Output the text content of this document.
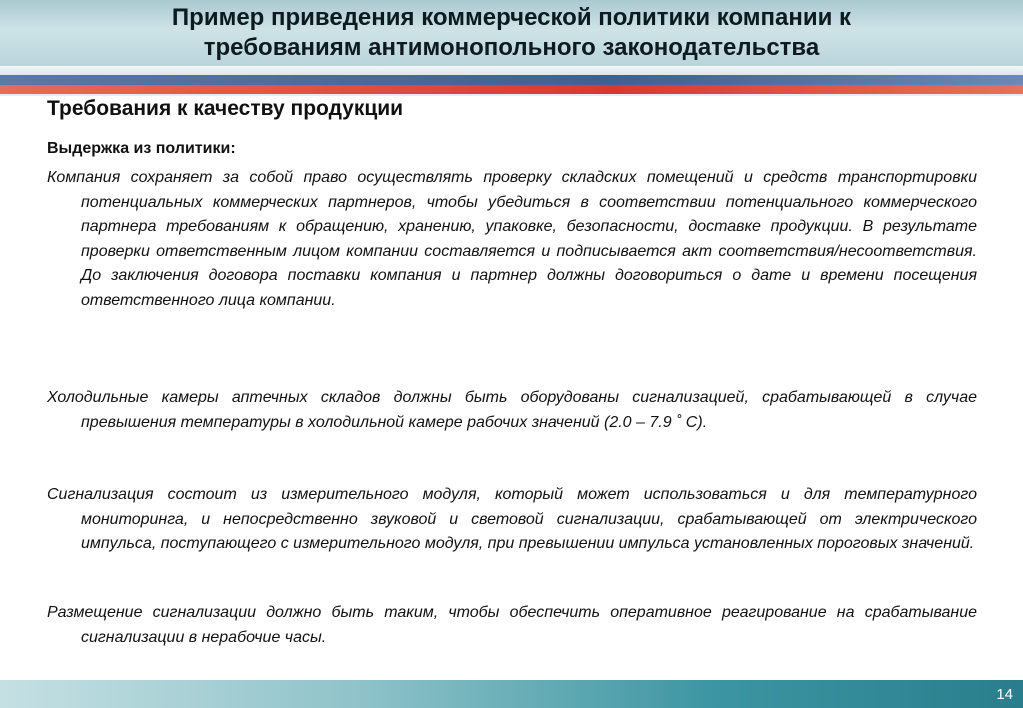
Пример приведения коммерческой политики компании к
требованиям антимонопольного законодательства
Требования к качеству продукции
Выдержка из политики:

Компания сохраняет за собой право осуществлять проверку складских помещений и средств транспортировки потенциальных коммерческих партнеров, чтобы убедиться в соответствии потенциального коммерческого партнера требованиям к обращению, хранению, упаковке, безопасности, доставке продукции. В результате проверки ответственным лицом компании составляется и подписывается акт соответствия/несоответствия. До заключения договора поставки компания и партнер должны договориться о дате и времени посещения ответственного лица компании.

Холодильные камеры аптечных складов должны быть оборудованы сигнализацией, срабатывающей в случае превышения температуры в холодильной камере рабочих значений (2.0 – 7.9 ˚ С).

Сигнализация состоит из измерительного модуля, который может использоваться и для температурного мониторинга, и непосредственно звуковой и световой сигнализации, срабатывающей от электрического импульса, поступающего с измерительного модуля, при превышении импульса установленных пороговых значений.

Размещение сигнализации должно быть таким, чтобы обеспечить оперативное реагирование на срабатывание сигнализации в нерабочие часы.

14
